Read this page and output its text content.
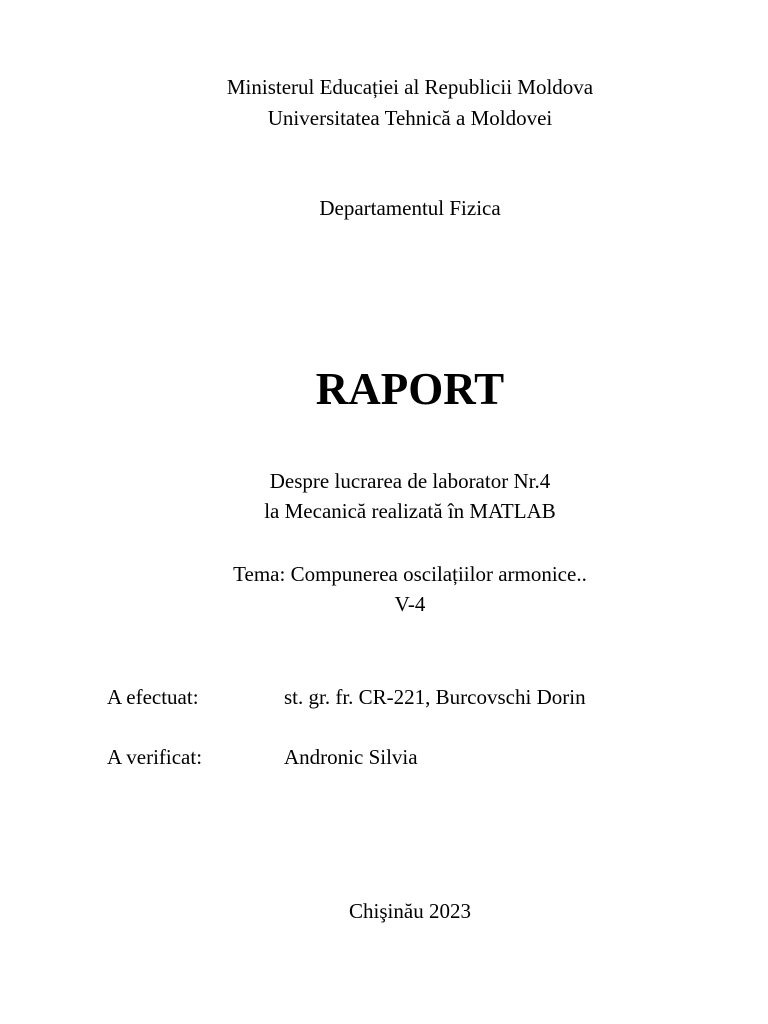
Ministerul Educației al Republicii Moldova
Universitatea Tehnică a Moldovei
Departamentul Fizica
RAPORT
Despre lucrarea de laborator Nr.4
la Mecanică realizată în MATLAB
Tema: Compunerea oscilațiilor armonice..
V-4
A efectuat:	st. gr. fr. CR-221, Burcovschi Dorin
A verificat:	Andronic Silvia
Chişinău 2023
